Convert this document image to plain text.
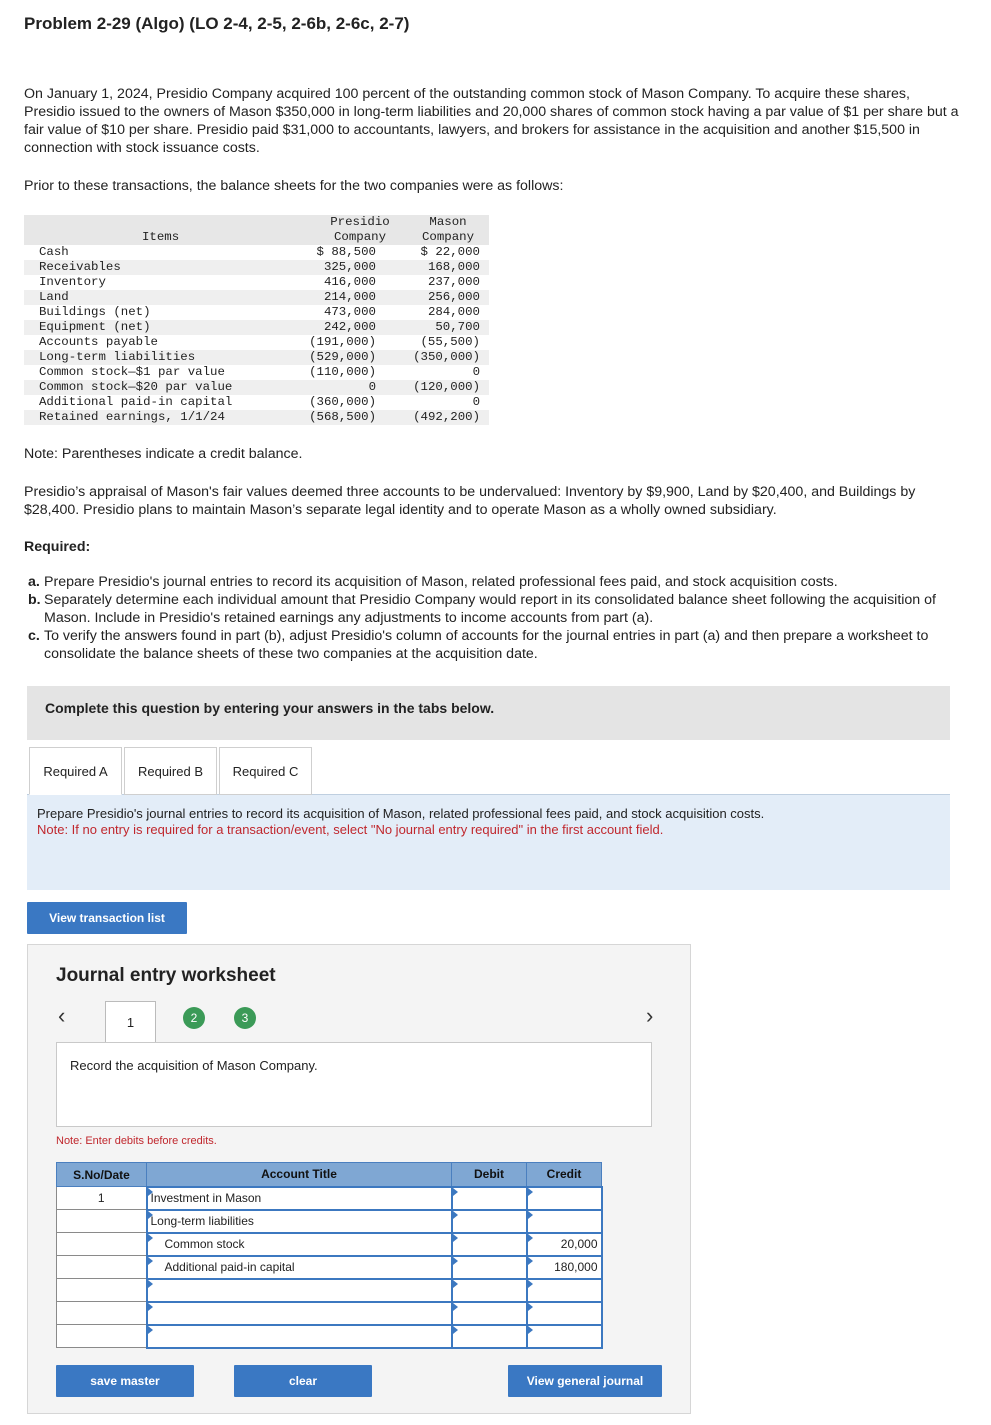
Problem 2-29 (Algo) (LO 2-4, 2-5, 2-6b, 2-6c, 2-7)
On January 1, 2024, Presidio Company acquired 100 percent of the outstanding common stock of Mason Company. To acquire these shares, Presidio issued to the owners of Mason $350,000 in long-term liabilities and 20,000 shares of common stock having a par value of $1 per share but a fair value of $10 per share. Presidio paid $31,000 to accountants, lawyers, and brokers for assistance in the acquisition and another $15,500 in connection with stock issuance costs.
Prior to these transactions, the balance sheets for the two companies were as follows:
Items
Presidio
Company
Mason
Company
Cash	$ 88,500	$ 22,000
Receivables	325,000	168,000
Inventory	416,000	237,000
Land	214,000	256,000
Buildings (net)	473,000	284,000
Equipment (net)	242,000	50,700
Accounts payable	(191,000)	(55,500)
Long-term liabilities	(529,000)	(350,000)
Common stock—$1 par value	(110,000)	0
Common stock—$20 par value	0	(120,000)
Additional paid-in capital	(360,000)	0
Retained earnings, 1/1/24	(568,500)	(492,200)
Note: Parentheses indicate a credit balance.
Presidio’s appraisal of Mason's fair values deemed three accounts to be undervalued: Inventory by $9,900, Land by $20,400, and Buildings by $28,400. Presidio plans to maintain Mason’s separate legal identity and to operate Mason as a wholly owned subsidiary.
Required:
a. Prepare Presidio's journal entries to record its acquisition of Mason, related professional fees paid, and stock acquisition costs.
b. Separately determine each individual amount that Presidio Company would report in its consolidated balance sheet following the acquisition of Mason. Include in Presidio's retained earnings any adjustments to income accounts from part (a).
c. To verify the answers found in part (b), adjust Presidio's column of accounts for the journal entries in part (a) and then prepare a worksheet to consolidate the balance sheets of these two companies at the acquisition date.
Complete this question by entering your answers in the tabs below.
Required A	Required B	Required C
Prepare Presidio's journal entries to record its acquisition of Mason, related professional fees paid, and stock acquisition costs.
Note: If no entry is required for a transaction/event, select "No journal entry required" in the first account field.
View transaction list
Journal entry worksheet
‹	›
1	2	3
Record the acquisition of Mason Company.
Note: Enter debits before credits.
S.No/Date	Account Title	Debit	Credit
1	Investment in Mason	

Long-term liabilities	

Common stock		20,000

Additional paid-in capital		180,000

save master	clear	View general journal
